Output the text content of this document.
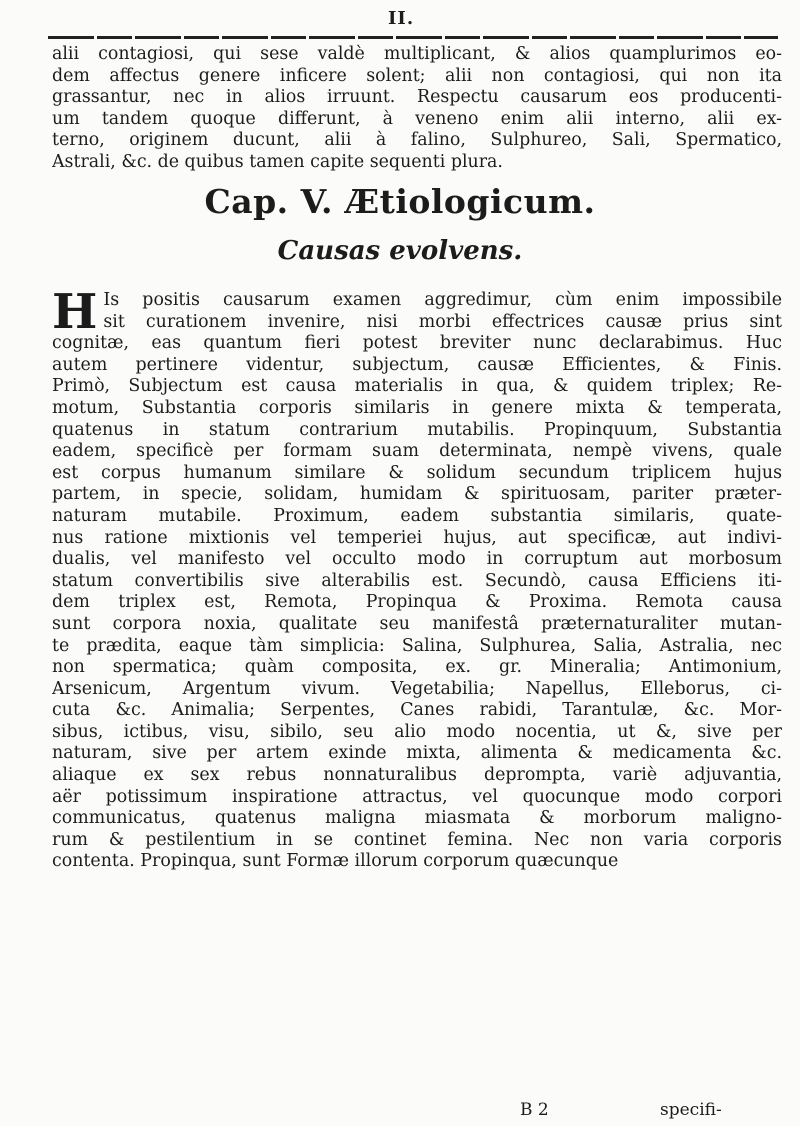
II.
alii contagiosi, qui sese valdè multiplicant, & alios quamplurimos eo-
dem affectus genere inficere solent; alii non contagiosi, qui non ita
grassantur, nec in alios irruunt. Respectu causarum eos producenti-
um tandem quoque differunt, à veneno enim alii interno, alii ex-
terno, originem ducunt, alii à falino, Sulphureo, Sali, Spermatico,
Astrali, &c. de quibus tamen capite sequenti plura.
Cap. V. Ætiologicum.
Causas evolvens.
H Is positis causarum examen aggredimur, cùm enim impossibile
sit curationem invenire, nisi morbi effectrices causæ prius sint
cognitæ, eas quantum fieri potest breviter nunc declarabimus. Huc
autem pertinere videntur, subjectum, causæ Efficientes, & Finis.
Primò, Subjectum est causa materialis in qua, & quidem triplex; Re-
motum, Substantia corporis similaris in genere mixta & temperata,
quatenus in statum contrarium mutabilis. Propinquum, Substantia
eadem, specificè per formam suam determinata, nempè vivens, quale
est corpus humanum similare & solidum secundum triplicem hujus
partem, in specie, solidam, humidam & spirituosam, pariter præter-
naturam mutabile. Proximum, eadem substantia similaris, quate-
nus ratione mixtionis vel temperiei hujus, aut specificæ, aut indivi-
dualis, vel manifesto vel occulto modo in corruptum aut morbosum
statum convertibilis sive alterabilis est. Secundò, causa Efficiens iti-
dem triplex est, Remota, Propinqua & Proxima. Remota causa
sunt corpora noxia, qualitate seu manifestâ præternaturaliter mutan-
te prædita, eaque tàm simplicia: Salina, Sulphurea, Salia, Astralia, nec
non spermatica; quàm composita, ex. gr. Mineralia; Antimonium,
Arsenicum, Argentum vivum. Vegetabilia; Napellus, Elleborus, ci-
cuta &c. Animalia; Serpentes, Canes rabidi, Tarantulæ, &c. Mor-
sibus, ictibus, visu, sibilo, seu alio modo nocentia, ut &, sive per
naturam, sive per artem exinde mixta, alimenta & medicamenta &c.
aliaque ex sex rebus nonnaturalibus deprompta, variè adjuvantia,
aër potissimum inspiratione attractus, vel quocunque modo corpori
communicatus, quatenus maligna miasmata & morborum maligno-
rum & pestilentium in se continet femina. Nec non varia corporis
contenta. Propinqua, sunt Formæ illorum corporum quæcunque
B 2	specifi-
